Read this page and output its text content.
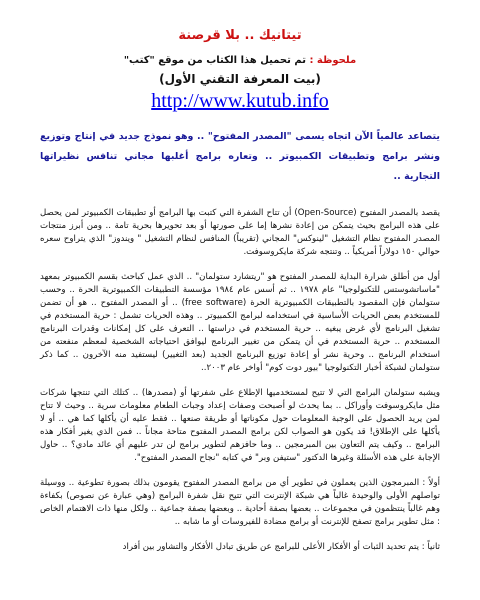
تيتانيك .. بلا قرصنة
ملحوظة : تم تحميل هذا الكتاب من موقع "كتب"
(بيت المعرفة التقني الأول)
http://www.kutub.info
يتصاعد عالمياً الآن اتجاه يسمى "المصدر المفتوح" .. وهو نموذج جديد في إنتاج وتوزيع ونشر برامج وتطبيقات الكمبيوتر .. وتعاره برامج أغلبها مجاني تنافس نظيراتها التجارية ..
يقصد بالمصدر المفتوح (Open-Source) أن تتاح الشفرة التي كتبت بها البرامج أو تطبيقات الكمبيوتر لمن يحصل على هذه البرامج بحيث يتمكن من إعادة نشرها إما على صورتها أو بعد تحويرها بحرية تامة .. ومن أبرز منتجات المصدر المفتوح نظام التشغيل "لينوكس" المجاني (تقريباً) المنافس لنظام التشغيل " ويندوز" الذي يتراوح سعره حوالي ١٥٠ دولاراً أمريكياً .. وتنتجه شركة مايكروسوفت.
أول من أطلق شرارة البداية للمصدر المفتوح هو "ريتشارد ستولمان" .. الذي عمل كباحث بقسم الكمبيوتر بمعهد "ماساتشوستس للتكنولوجيا" عام ١٩٧٨ .. ثم أسس عام ١٩٨٤ مؤسسة التطبيقات الكمبيوترية الحرة .. وحسب ستولمان فإن المقصود بالتطبيقات الكمبيوترية الحرة (free software) .. أو المصدر المفتوح .. هو أن تضمن للمستخدم بعض الحريات الأساسية في استخدامه لبرامج الكمبيوتر .. وهذه الحريات تشمل : حرية المستخدم في تشغيل البرنامج لأي غرض يبغيه .. حرية المستخدم في دراستها .. التعرف على كل إمكانات وقدرات البرنامج المستخدم .. حرية المستخدم في أن يتمكن من تغيير البرنامج ليوافق احتياجاته الشخصية لمعظم منفعته من استخدام البرنامج .. وحرية نشر أو إعادة توزيع البرنامج الجديد (بعد التغيير) ليستفيد منه الآخرون .. كما ذكر ستولمان لشبكة أخبار التكنولوجيا "بيور دوت كوم" أواخر عام ٢٠٠٣..
ويشبه ستولمان البرامج التي لا تتيح لمستخدميها الإطلاع على شفرتها أو (مصدرها) .. كتلك التي تنتجها شركات مثل مايكروسوفت وأوراكل .. بما يحدث لو أصبحت وصفات إعداد وجبات الطعام معلومات سرية .. وحيث لا تتاح لمن يريد الحصول على الوجبة المعلومات حول مكوناتها أو طريقة صنعها .. فقط عليه أن يأكلها كما هي .. أو لا يأكلها على الإطلاق! قد يكون هو الصواب لكن برامج المصدر المفتوح متاحة مجاناً .. فمن الذي يغير أفكار هذه البرامج .. وكيف يتم التعاون بين المبرمجين .. وما حافزهم لتطوير برامج لن تدر عليهم أي عائد مادي؟ .. حاول الإجابة على هذه الأسئلة وغيرها الدكتور "ستيفن وبر" في كتابه "نجاح المصدر المفتوح".
أولاً : المبرمجون الذين يعملون في تطوير أي من برامج المصدر المفتوح يقومون بذلك بصورة تطوعية .. ووسيلة تواصلهم الأولى والوحيدة غالباً هي شبكة الإنترنت التي تتيح نقل شفرة البرامج (وهي عبارة عن نصوص) بكفاءة وهم غالباً ينتظمون في مجموعات .. بعضها بصفة أحادية .. وبعضها بصفة جماعية .. ولكل منها ذات الاهتمام الخاص : مثل تطوير برامج تصفح للإنترنت أو برامج مضادة للفيروسات أو ما شابه ..
ثانياً : يتم تحديد الثبات أو الأفكار الأعلى للبرامج عن طريق تبادل الأفكار والتشاور بين أفراد
